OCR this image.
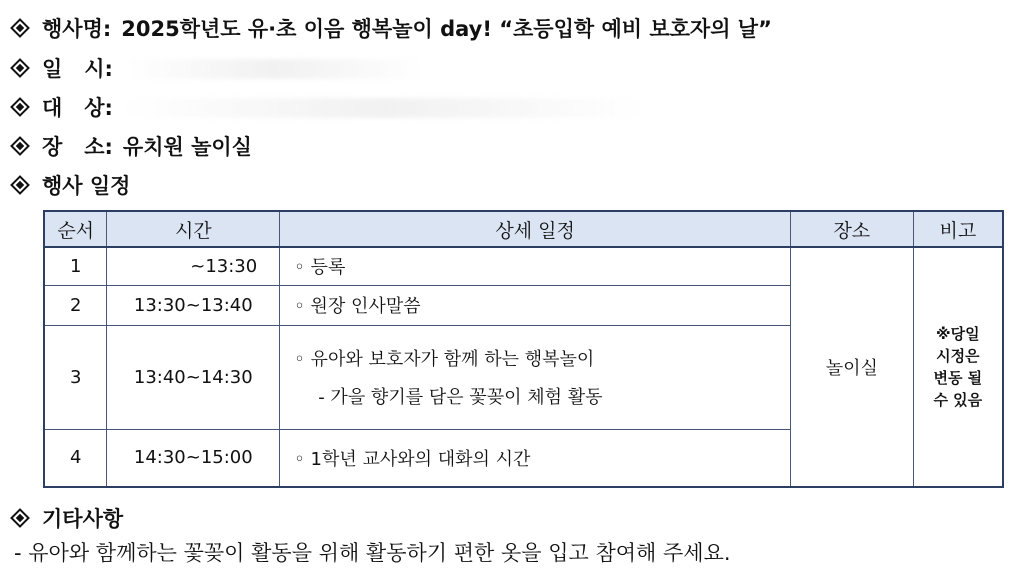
행사명: 2025학년도 유·초 이음 행복놀이 day! “초등입학 예비 보호자의 날”
일   시:
대   상:
장   소: 유치원 놀이실
행사 일정
순서	시간	상세 일정	장소	비고
1	~13:30	◦ 등록	놀이실	※당일
시정은
변동 될
수 있음

2	13:30~13:40	◦ 원장 인사말씀		
3	13:40~14:30	◦ 유아와 보호자가 함께 하는 행복놀이
- 가을 향기를 담은 꽃꽂이 체험 활동		

4	14:30~15:00	◦ 1학년 교사와의 대화의 시간		
기타사항
- 유아와 함께하는 꽃꽂이 활동을 위해 활동하기 편한 옷을 입고 참여해 주세요.
